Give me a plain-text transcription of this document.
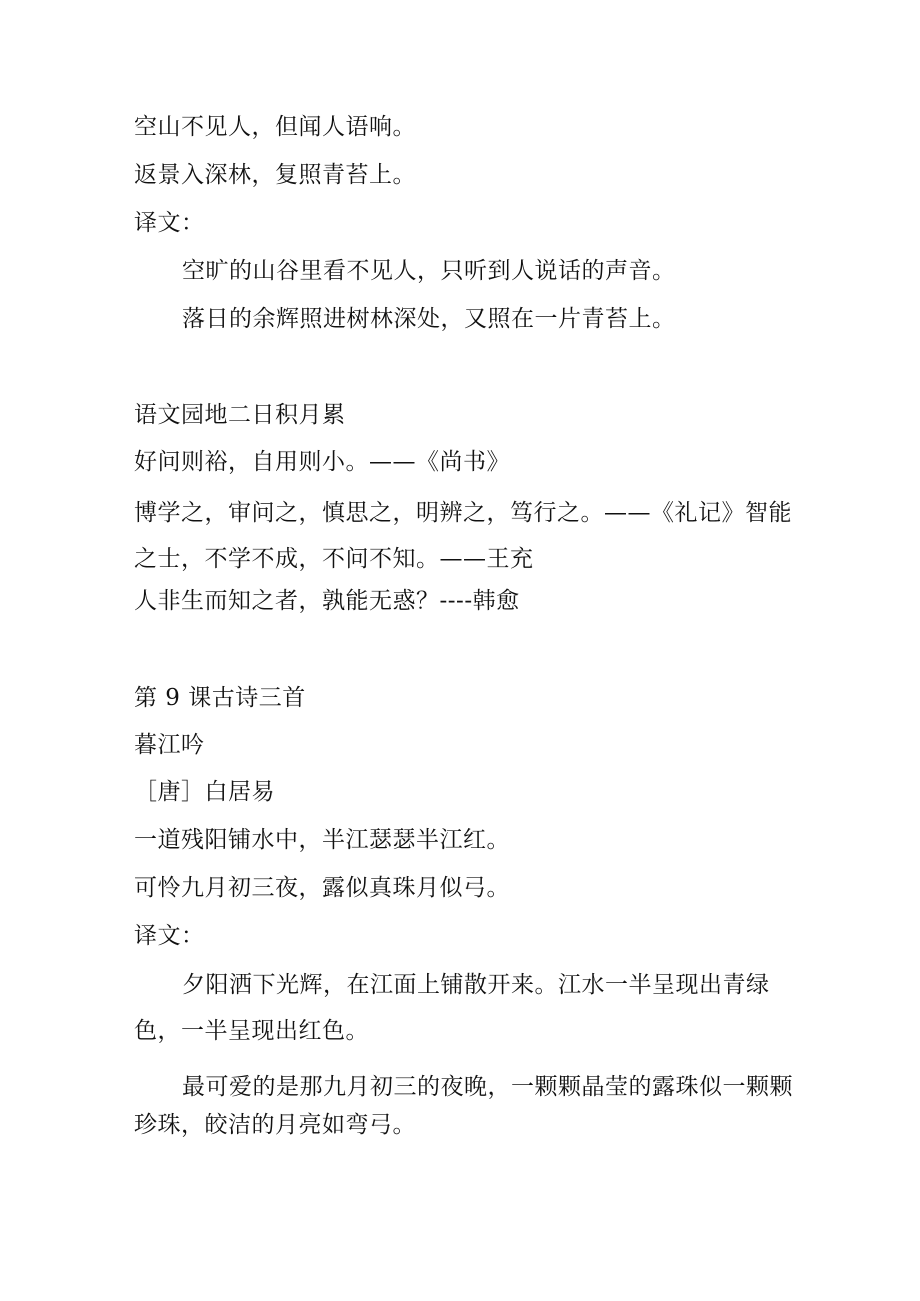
空山不见人，但闻人语响。
返景入深林，复照青苔上。
译文：
空旷的山谷里看不见人，只听到人说话的声音。
落日的余辉照进树林深处，又照在一片青苔上。
语文园地二日积月累
好问则裕，自用则小。——《尚书》
博学之，审问之，慎思之，明辨之，笃行之。——《礼记》智能之士，不学不成，不问不知。——王充
人非生而知之者，孰能无惑？----韩愈
第 9 课古诗三首
暮江吟
［唐］白居易
一道残阳铺水中，半江瑟瑟半江红。
可怜九月初三夜，露似真珠月似弓。
译文：
夕阳洒下光辉，在江面上铺散开来。江水一半呈现出青绿色，一半呈现出红色。
最可爱的是那九月初三的夜晚，一颗颗晶莹的露珠似一颗颗珍珠，皎洁的月亮如弯弓。
